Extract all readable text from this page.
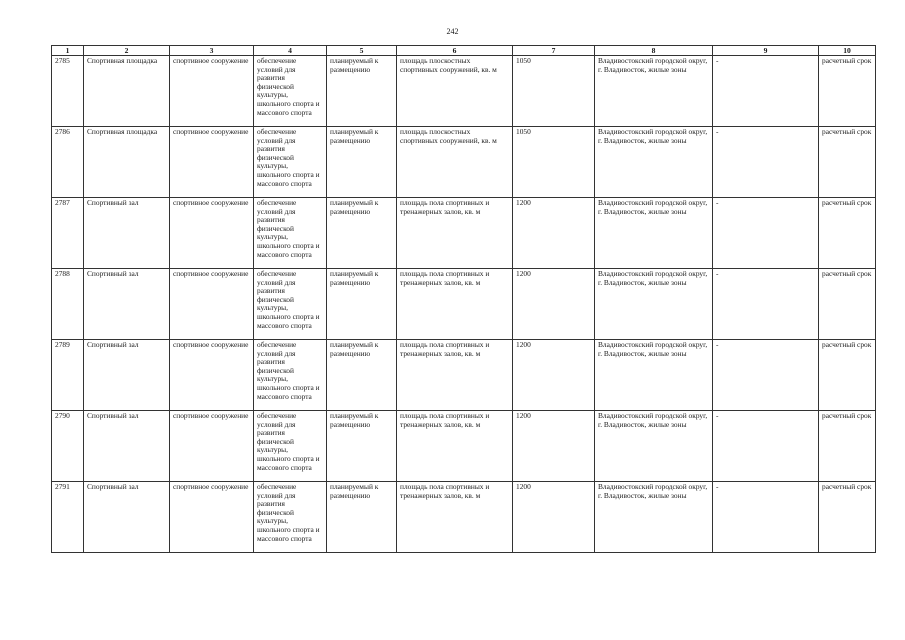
242
1	2	3	4	5	6	7	8	9	10
2785	Спортивная площадка	спортивное сооружение	обеспечение условий для развития физической культуры, школьного спорта и массового спорта	планируемый к размещению	площадь плоскостных спортивных сооружений, кв. м	1050	Владивостокский городской округ, г. Владивосток, жилые зоны	-	расчетный срок
2786	Спортивная площадка	спортивное сооружение	обеспечение условий для развития физической культуры, школьного спорта и массового спорта	планируемый к размещению	площадь плоскостных спортивных сооружений, кв. м	1050	Владивостокский городской округ, г. Владивосток, жилые зоны	-	расчетный срок
2787	Спортивный зал	спортивное сооружение	обеспечение условий для развития физической культуры, школьного спорта и массового спорта	планируемый к размещению	площадь пола спортивных и тренажерных залов, кв. м	1200	Владивостокский городской округ, г. Владивосток, жилые зоны	-	расчетный срок
2788	Спортивный зал	спортивное сооружение	обеспечение условий для развития физической культуры, школьного спорта и массового спорта	планируемый к размещению	площадь пола спортивных и тренажерных залов, кв. м	1200	Владивостокский городской округ, г. Владивосток, жилые зоны	-	расчетный срок
2789	Спортивный зал	спортивное сооружение	обеспечение условий для развития физической культуры, школьного спорта и массового спорта	планируемый к размещению	площадь пола спортивных и тренажерных залов, кв. м	1200	Владивостокский городской округ, г. Владивосток, жилые зоны	-	расчетный срок
2790	Спортивный зал	спортивное сооружение	обеспечение условий для развития физической культуры, школьного спорта и массового спорта	планируемый к размещению	площадь пола спортивных и тренажерных залов, кв. м	1200	Владивостокский городской округ, г. Владивосток, жилые зоны	-	расчетный срок
2791	Спортивный зал	спортивное сооружение	обеспечение условий для развития физической культуры, школьного спорта и массового спорта	планируемый к размещению	площадь пола спортивных и тренажерных залов, кв. м	1200	Владивостокский городской округ, г. Владивосток, жилые зоны	-	расчетный срок
